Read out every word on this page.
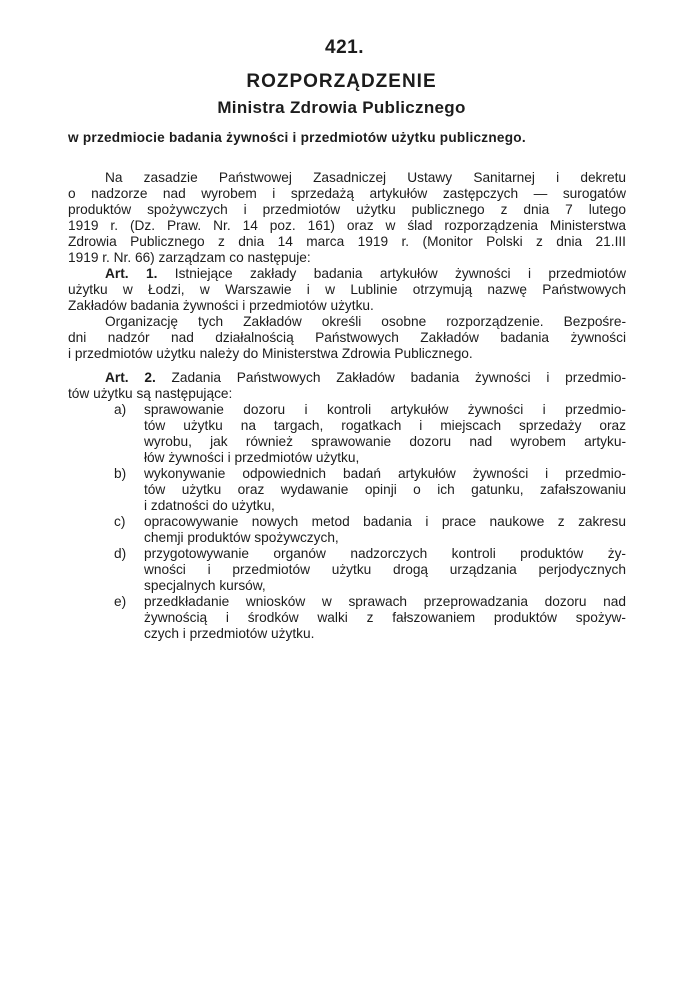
421.
ROZPORZĄDZENIE
Ministra Zdrowia Publicznego
w przedmiocie badania żywności i przedmiotów użytku publicznego.
Na zasadzie Państwowej Zasadniczej Ustawy Sanitarnej i dekretu
o nadzorze nad wyrobem i sprzedażą artykułów zastępczych — surogatów
produktów spożywczych i przedmiotów użytku publicznego z dnia 7 lutego
1919 r. (Dz. Praw. Nr. 14 poz. 161) oraz w ślad rozporządzenia Ministerstwa
Zdrowia Publicznego z dnia 14 marca 1919 r. (Monitor Polski z dnia 21.III
1919 r. Nr. 66) zarządzam co następuje:
Art. 1. Istniejące zakłady badania artykułów żywności i przedmiotów
użytku w Łodzi, w Warszawie i w Lublinie otrzymują nazwę Państwowych
Zakładów badania żywności i przedmiotów użytku.
Organizację tych Zakładów określi osobne rozporządzenie. Bezpośre-
dni nadzór nad działalnością Państwowych Zakładów badania żywności
i przedmiotów użytku należy do Ministerstwa Zdrowia Publicznego.
Art. 2. Zadania Państwowych Zakładów badania żywności i przedmio-
tów użytku są następujące:
a) sprawowanie dozoru i kontroli artykułów żywności i przedmio-
tów użytku na targach, rogatkach i miejscach sprzedaży oraz
wyrobu, jak również sprawowanie dozoru nad wyrobem artyku-
łów żywności i przedmiotów użytku,
b) wykonywanie odpowiednich badań artykułów żywności i przedmio-
tów użytku oraz wydawanie opinji o ich gatunku, zafałszowaniu
i zdatności do użytku,
c) opracowywanie nowych metod badania i prace naukowe z zakresu
chemji produktów spożywczych,
d) przygotowywanie organów nadzorczych kontroli produktów ży-
wności i przedmiotów użytku drogą urządzania perjodycznych
specjalnych kursów,
e) przedkładanie wniosków w sprawach przeprowadzania dozoru nad
żywnością i środków walki z fałszowaniem produktów spożyw-
czych i przedmiotów użytku.
